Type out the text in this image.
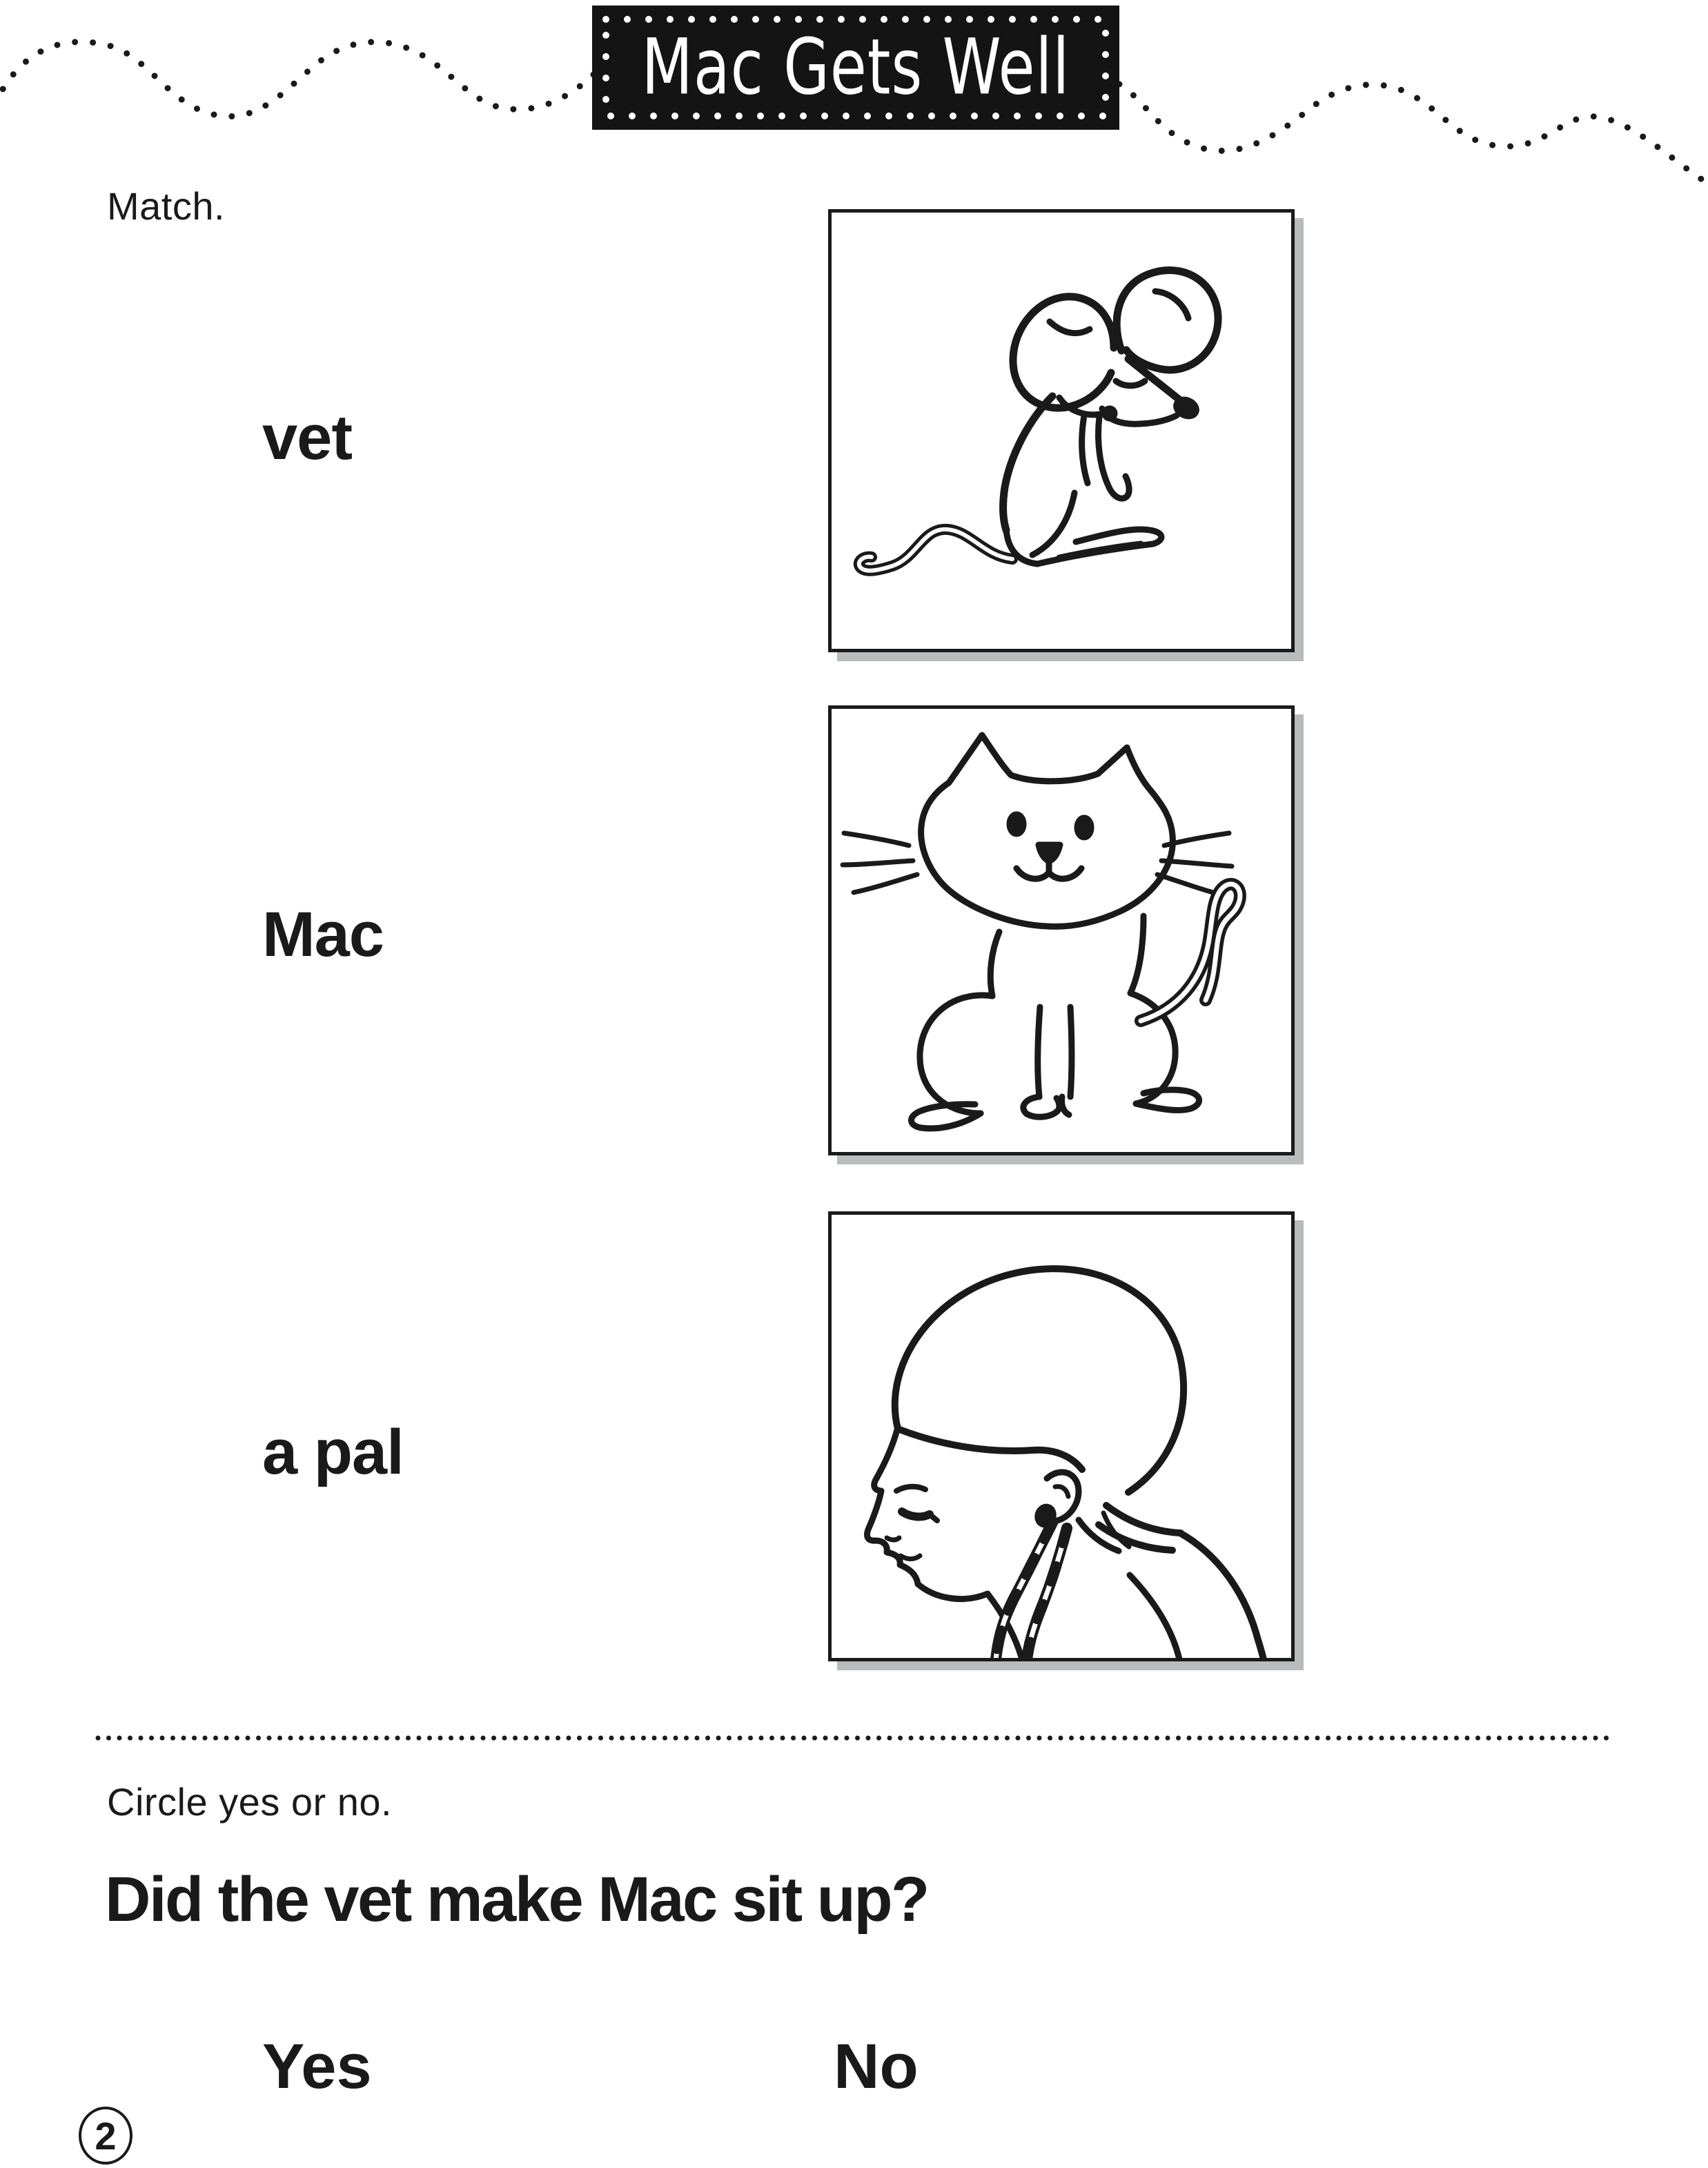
Mac Gets Well
Match.
vet
Mac
a pal
Circle yes or no.
Did the vet make Mac sit up?
Yes	No
2
